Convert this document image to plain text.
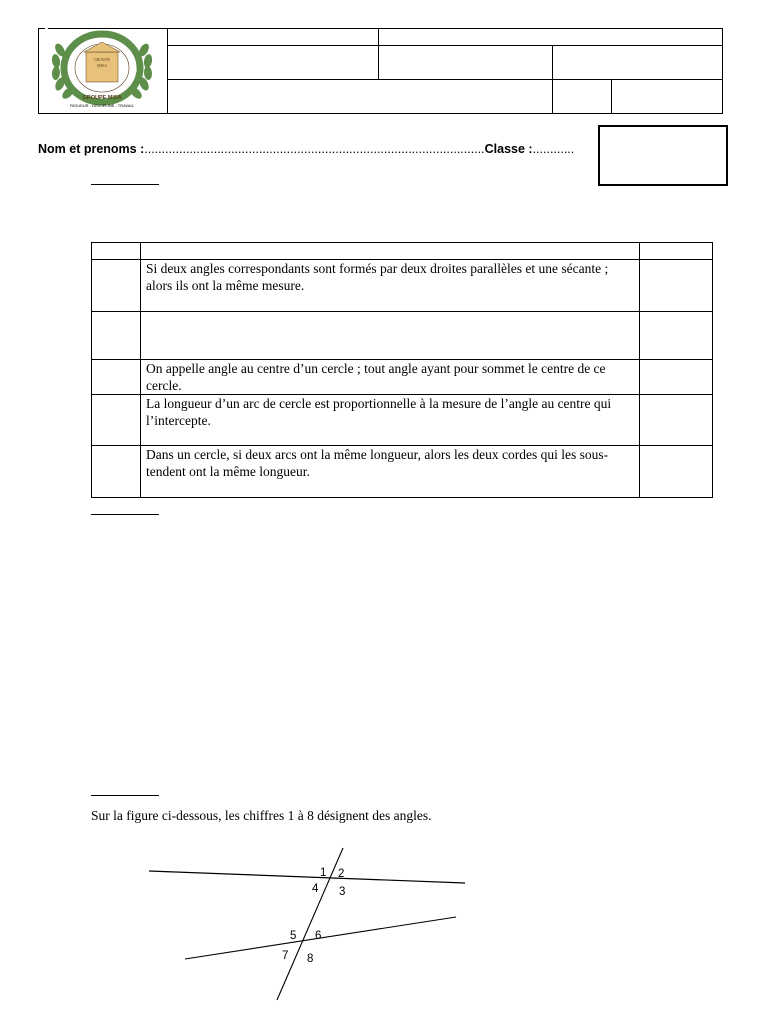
GROUPE
MISA
DEPARTEMENT INFORMATIQUE SPORTS ET ART
GROUPE MISA
RIGUEUR - DISCIPLINE - TRAVAIL
Nom et prenoms :..................................................................................................Classe :............

	Si deux angles correspondants sont formés par deux droites parallèles et une sécante ; alors ils ont la même mesure.	

	On appelle angle au centre d’un cercle ; tout angle ayant pour sommet le centre de ce cercle.	
	La longueur d’un arc de cercle est proportionnelle à la mesure de l’angle au centre qui l’intercepte.	
	Dans un cercle, si deux arcs ont la même longueur, alors les deux cordes qui les sous-tendent ont la même longueur.	
Sur la figure ci-dessous, les chiffres 1 à 8 désignent des angles.
1 2
3
4
5 6
7 8
